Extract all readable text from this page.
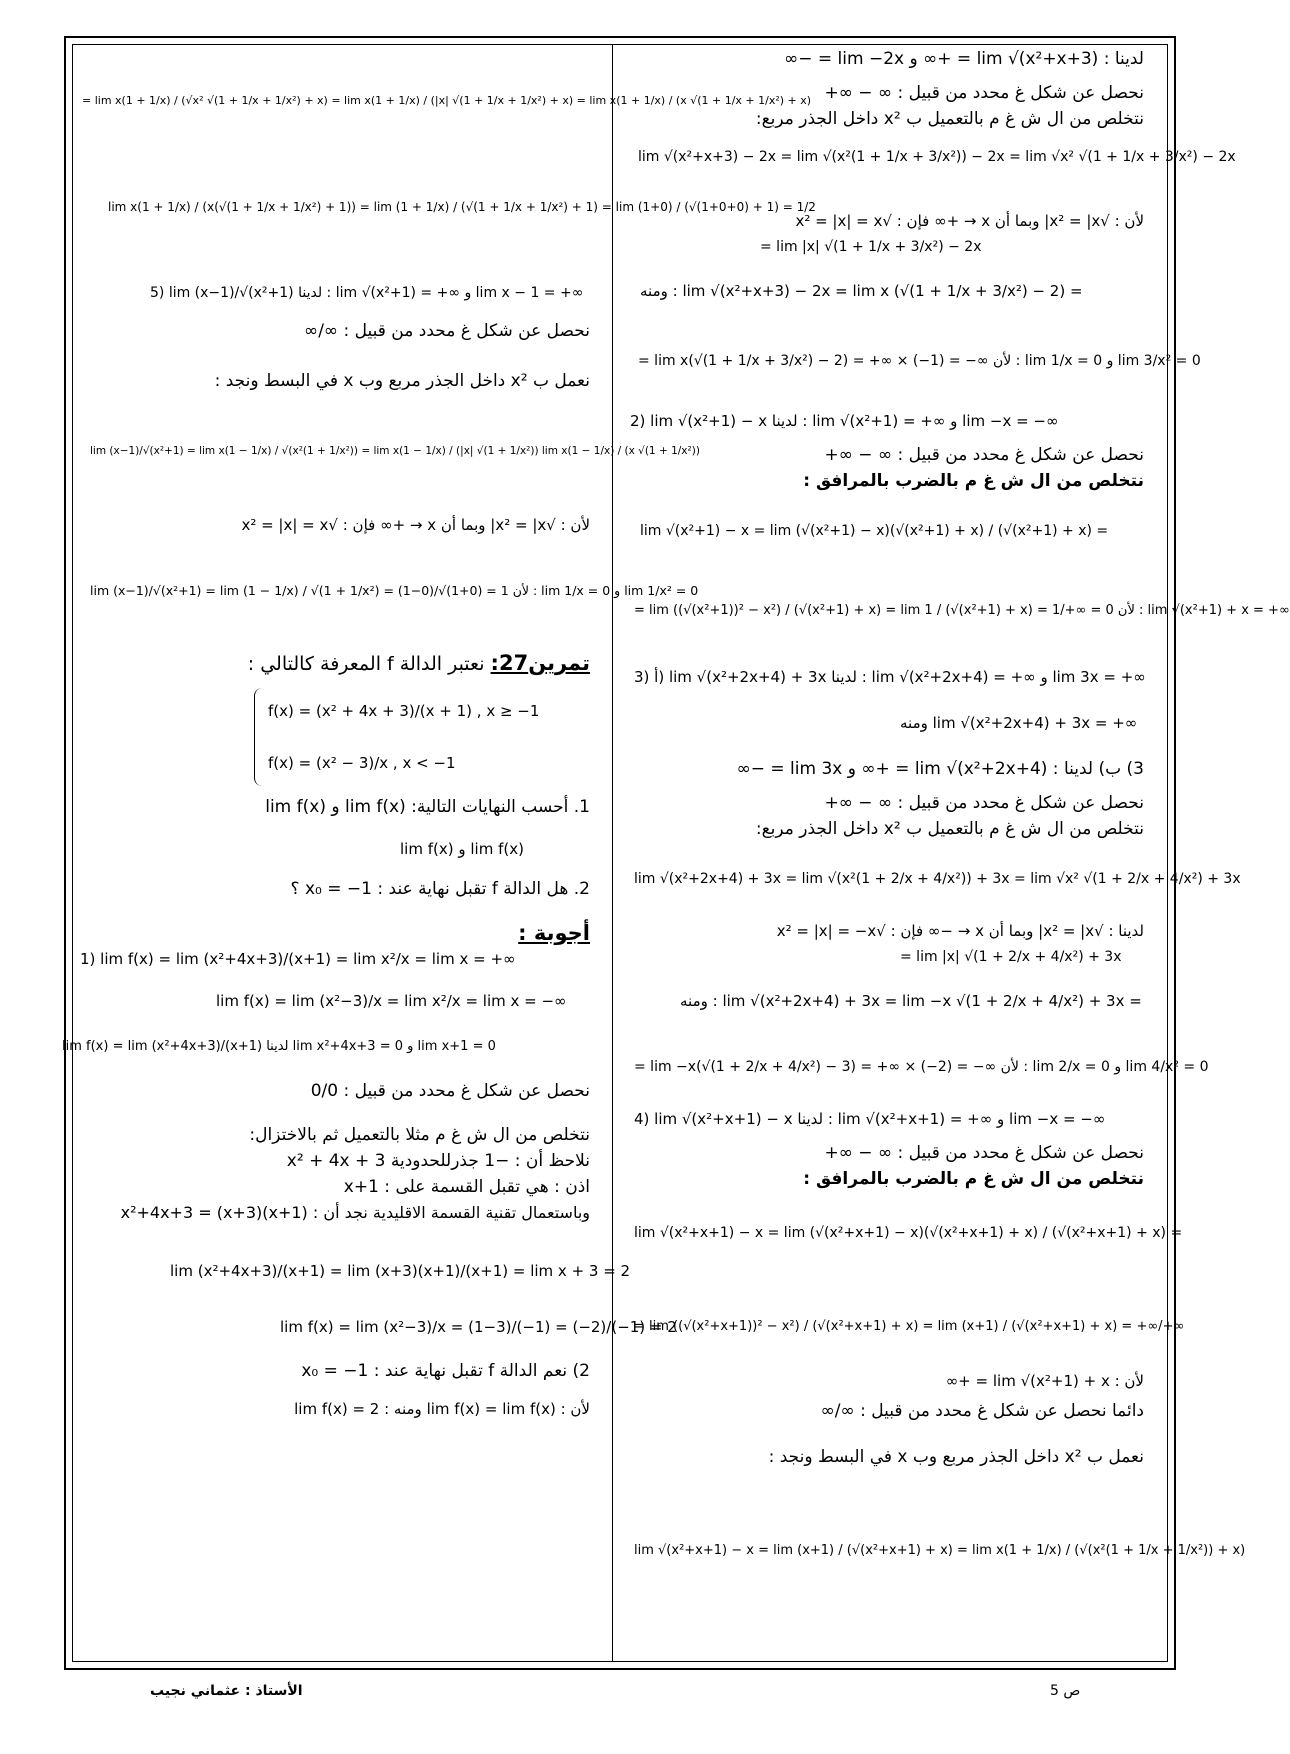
لدينا : lim √(x²+x+3) = +∞ و lim −2x = −∞
نحصل عن شكل غ محدد من قبيل : ∞ − ∞+
نتخلص من ال ش غ م بالتعميل ب x² داخل الجذر مربع:
lim √(x²+x+3) − 2x = lim √(x²(1 + 1/x + 3/x²)) − 2x = lim √x² √(1 + 1/x + 3/x²) − 2x
لأن : √x² = |x| وبما أن x → +∞ فإن : √x² = |x| = x
= lim |x| √(1 + 1/x + 3/x²) − 2x
ومنه : lim √(x²+x+3) − 2x = lim x (√(1 + 1/x + 3/x²) − 2) =
= lim x(√(1 + 1/x + 3/x²) − 2) = +∞ × (−1) = −∞ لأن : lim 1/x = 0 و lim 3/x² = 0
2) lim √(x²+1) − x لدينا : lim √(x²+1) = +∞ و lim −x = −∞
نحصل عن شكل غ محدد من قبيل : ∞ − ∞+
نتخلص من ال ش غ م بالضرب بالمرافق :
lim √(x²+1) − x = lim (√(x²+1) − x)(√(x²+1) + x) / (√(x²+1) + x) =
= lim ((√(x²+1))² − x²) / (√(x²+1) + x) = lim 1 / (√(x²+1) + x) = 1/+∞ = 0 لأن : lim √(x²+1) + x = +∞
3) أ) lim √(x²+2x+4) + 3x لدينا : lim √(x²+2x+4) = +∞ و lim 3x = +∞
ومنه lim √(x²+2x+4) + 3x = +∞
3) ب) لدينا : lim √(x²+2x+4) = +∞ و lim 3x = −∞
نحصل عن شكل غ محدد من قبيل : ∞ − ∞+
نتخلص من ال ش غ م بالتعميل ب x² داخل الجذر مربع:
lim √(x²+2x+4) + 3x = lim √(x²(1 + 2/x + 4/x²)) + 3x = lim √x² √(1 + 2/x + 4/x²) + 3x
لدينا : √x² = |x| وبما أن x → −∞ فإن : √x² = |x| = −x
= lim |x| √(1 + 2/x + 4/x²) + 3x
ومنه : lim √(x²+2x+4) + 3x = lim −x √(1 + 2/x + 4/x²) + 3x =
= lim −x(√(1 + 2/x + 4/x²) − 3) = +∞ × (−2) = −∞ لأن : lim 2/x = 0 و lim 4/x² = 0
4) lim √(x²+x+1) − x لدينا : lim √(x²+x+1) = +∞ و lim −x = −∞
نحصل عن شكل غ محدد من قبيل : ∞ − ∞+
نتخلص من ال ش غ م بالضرب بالمرافق :
lim √(x²+x+1) − x = lim (√(x²+x+1) − x)(√(x²+x+1) + x) / (√(x²+x+1) + x) =
= lim ((√(x²+x+1))² − x²) / (√(x²+x+1) + x) = lim (x+1) / (√(x²+x+1) + x) = +∞/+∞
لأن : lim √(x²+1) + x = +∞
دائما نحصل عن شكل غ محدد من قبيل : ∞/∞
نعمل ب x² داخل الجذر مربع وب x في البسط ونجد :
lim √(x²+x+1) − x = lim (x+1) / (√(x²+x+1) + x) = lim x(1 + 1/x) / (√(x²(1 + 1/x + 1/x²)) + x)
= lim x(1 + 1/x) / (√x² √(1 + 1/x + 1/x²) + x) = lim x(1 + 1/x) / (|x| √(1 + 1/x + 1/x²) + x) = lim x(1 + 1/x) / (x √(1 + 1/x + 1/x²) + x)
lim x(1 + 1/x) / (x(√(1 + 1/x + 1/x²) + 1)) = lim (1 + 1/x) / (√(1 + 1/x + 1/x²) + 1) = lim (1+0) / (√(1+0+0) + 1) = 1/2
5) lim (x−1)/√(x²+1) لدينا : lim √(x²+1) = +∞ و lim x − 1 = +∞
نحصل عن شكل غ محدد من قبيل : ∞/∞
نعمل ب x² داخل الجذر مربع وب x في البسط ونجد :
lim (x−1)/√(x²+1) = lim x(1 − 1/x) / √(x²(1 + 1/x²)) = lim x(1 − 1/x) / (|x| √(1 + 1/x²)) lim x(1 − 1/x) / (x √(1 + 1/x²))
لأن : √x² = |x| وبما أن x → +∞ فإن : √x² = |x| = x
lim (x−1)/√(x²+1) = lim (1 − 1/x) / √(1 + 1/x²) = (1−0)/√(1+0) = 1 لأن : lim 1/x = 0 و lim 1/x² = 0
تمرين27: نعتبر الدالة f المعرفة كالتالي :
f(x) = (x² + 4x + 3)/(x + 1) , x ≥ −1
f(x) = (x² − 3)/x , x < −1
1. أحسب النهايات التالية: lim f(x) و lim f(x)
lim f(x) و lim f(x)
2. هل الدالة f تقبل نهاية عند : x₀ = −1 ؟
أجوبة :
1) lim f(x) = lim (x²+4x+3)/(x+1) = lim x²/x = lim x = +∞
lim f(x) = lim (x²−3)/x = lim x²/x = lim x = −∞
lim f(x) = lim (x²+4x+3)/(x+1) لدينا lim x²+4x+3 = 0 و lim x+1 = 0
نحصل عن شكل غ محدد من قبيل : 0/0
نتخلص من ال ش غ م مثلا بالتعميل ثم بالاختزال:
نلاحظ أن : −1 جذرللحدودية x² + 4x + 3
اذن : هي تقبل القسمة على : x+1
وباستعمال تقنية القسمة الاقليدية نجد أن : x²+4x+3 = (x+3)(x+1)
lim (x²+4x+3)/(x+1) = lim (x+3)(x+1)/(x+1) = lim x + 3 = 2
lim f(x) = lim (x²−3)/x = (1−3)/(−1) = (−2)/(−1) = 2
2) نعم الدالة f تقبل نهاية عند : x₀ = −1
لأن : lim f(x) = lim f(x) ومنه : lim f(x) = 2
الأستاذ : عثماني نجيب	ص 5
